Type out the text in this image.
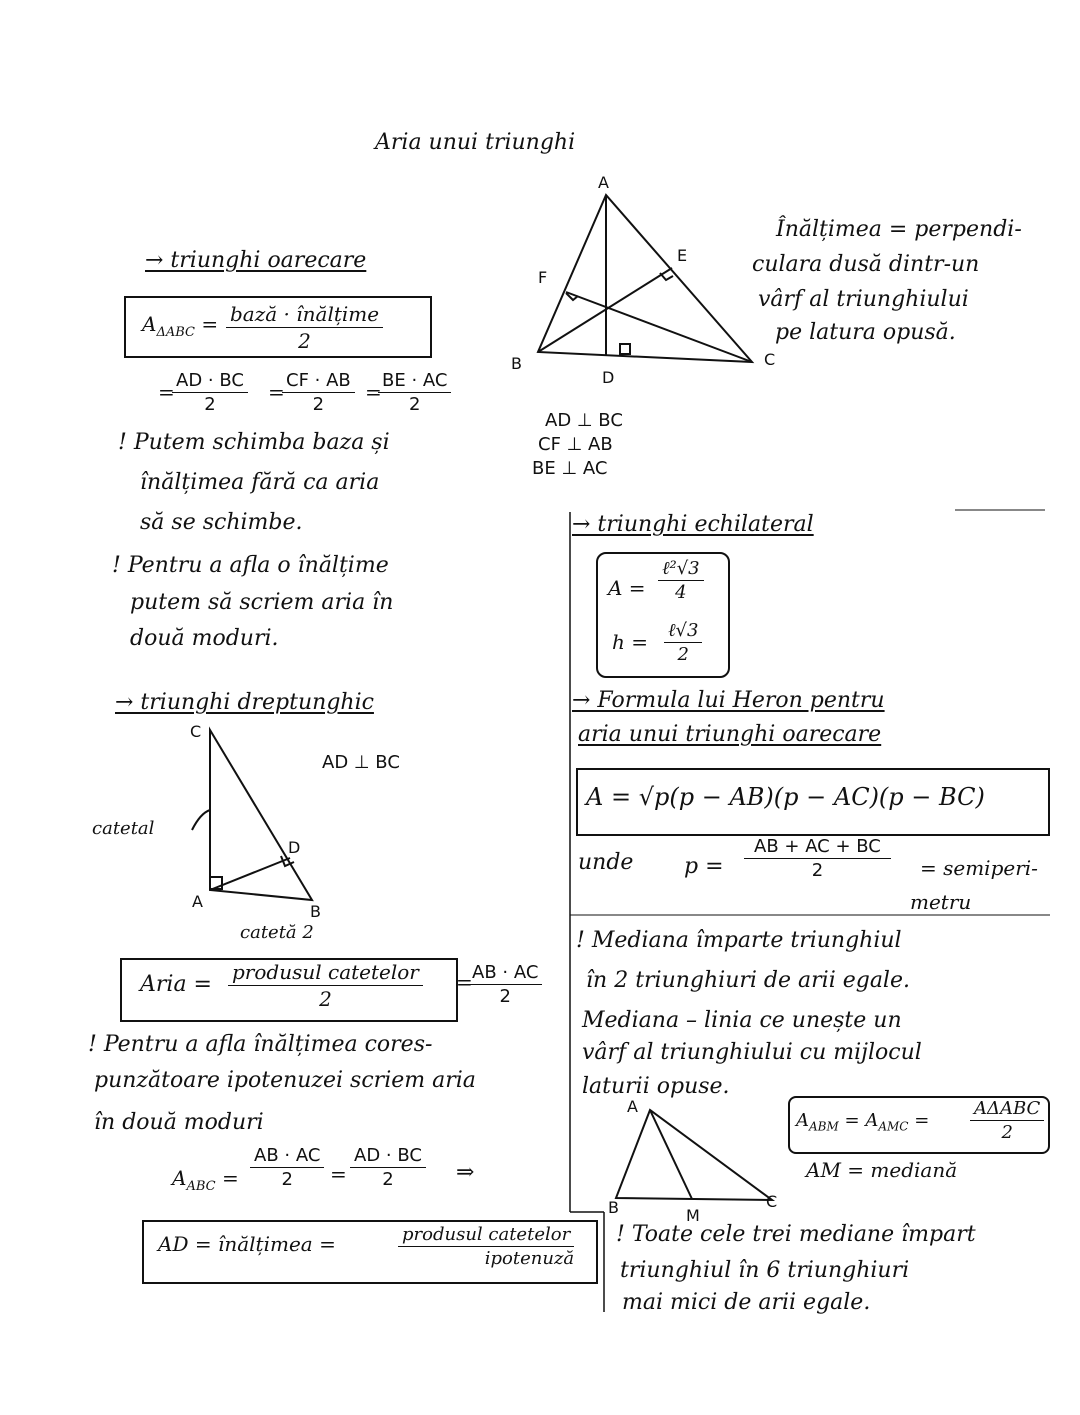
Aria unui triunghi
A
B	C
D
E
F
AD ⊥ BC
CF ⊥ AB
BE ⊥ AC
Înălțimea = perpendi-
culara dusă dintr-un
vârf al triunghiului
pe latura opusă.
→ triunghi oarecare
$A_{\Delta ABC}$ = bază · înălțime
2
=
$\frac{AD \cdot BC}{2}$ =
$\frac{CF \cdot AB}{2}$ =
$\frac{BE \cdot AC}{2}$
! Putem schimba baza și
înălțimea fără ca aria
să se schimbe.
! Pentru a afla o înălțime
putem să scriem aria în
două moduri.
→ triunghi dreptunghic
AD ⊥ BC
C
A
B
D
catetal
catetă 2
Aria = produsul catetelor
2
=
$\frac{AB \cdot AC}{2}$
! Pentru a afla înălțimea cores-
punzătoare ipotenuzei scriem aria
în două moduri
$A_{ABC} = \frac{AB \cdot AC}{2} = \frac{AD \cdot BC}{2}$ ⇒
AD = înălțimea =	produsul catetelor
ipotenuză
→ triunghi echilateral
A =
ℓ²√3
4
h = ℓ√3
2
→ Formula lui Heron pentru
aria unui triunghi oarecare
A = √p(p − AB)(p − AC)(p − BC)
unde $p = \frac{AB + AC + BC}{2}$ = semiperi-
metru
! Mediana împarte triunghiul
în 2 triunghiuri de arii egale.
Mediana – linia ce unește un
vârf al triunghiului cu mijlocul
laturii opuse.
A
B	M
C
$A_{ABM} = A_{AMC}$ =
AΔABC
2
AM = mediană
! Toate cele trei mediane împart
triunghiul în 6 triunghiuri
mai mici de arii egale.
